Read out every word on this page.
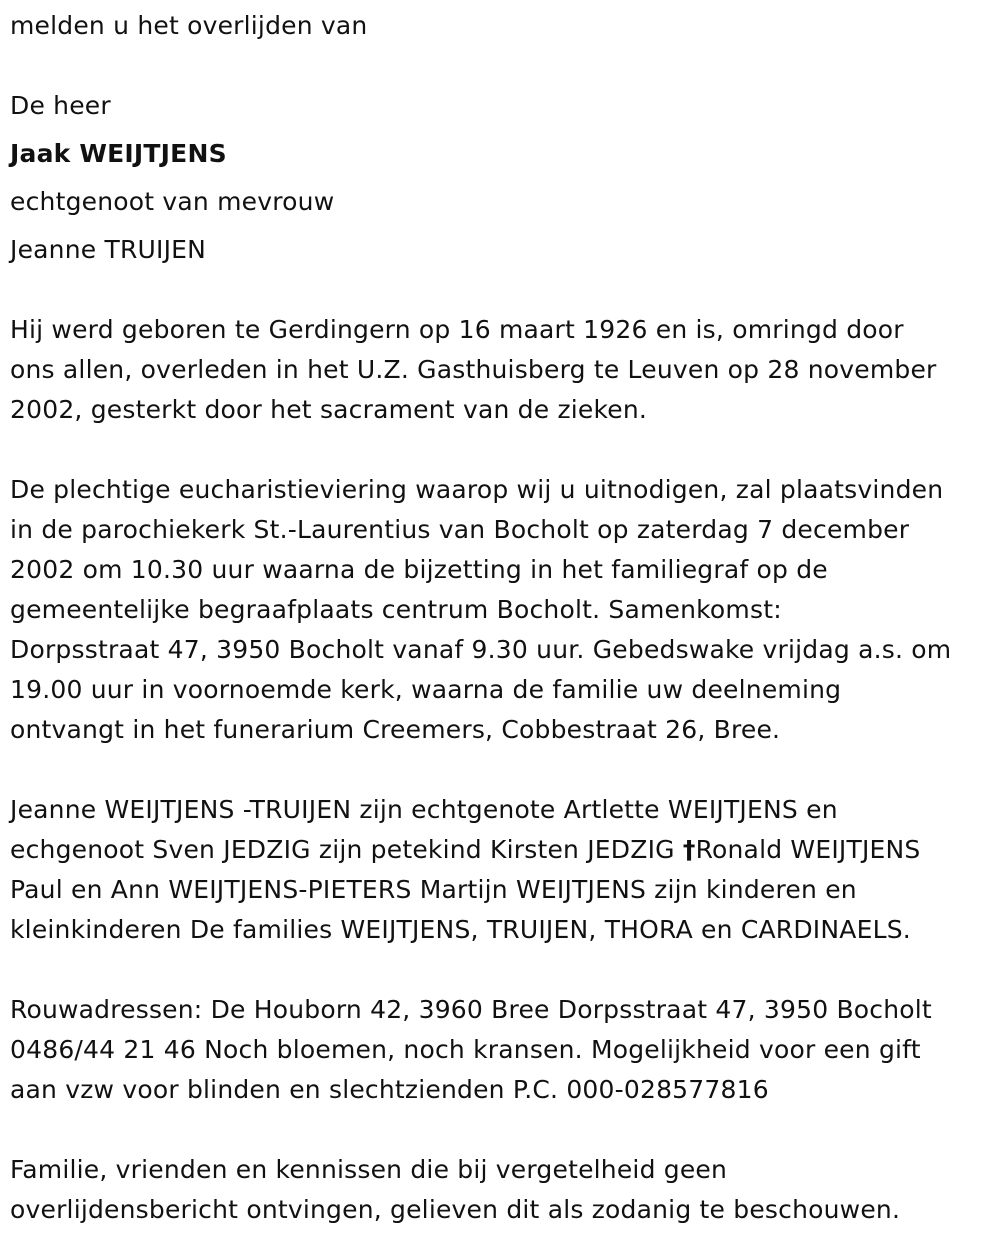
melden u het overlijden van

De heer

Jaak WEIJTJENS

echtgenoot van mevrouw

Jeanne TRUIJEN

Hij werd geboren te Gerdingern op 16 maart 1926 en is, omringd door

ons allen, overleden in het U.Z. Gasthuisberg te Leuven op 28 november

2002, gesterkt door het sacrament van de zieken.

De plechtige eucharistieviering waarop wij u uitnodigen, zal plaatsvinden

in de parochiekerk St.-Laurentius van Bocholt op zaterdag 7 december

2002 om 10.30 uur waarna de bijzetting in het familiegraf op de

gemeentelijke begraafplaats centrum Bocholt. Samenkomst:

Dorpsstraat 47, 3950 Bocholt vanaf 9.30 uur. Gebedswake vrijdag a.s. om

19.00 uur in voornoemde kerk, waarna de familie uw deelneming

ontvangt in het funerarium Creemers, Cobbestraat 26, Bree.

Jeanne WEIJTJENS -TRUIJEN zijn echtgenote Artlette WEIJTJENS en

echgenoot Sven JEDZIG zijn petekind Kirsten JEDZIG †Ronald WEIJTJENS

Paul en Ann WEIJTJENS-PIETERS Martijn WEIJTJENS zijn kinderen en

kleinkinderen De families WEIJTJENS, TRUIJEN, THORA en CARDINAELS.

Rouwadressen: De Houborn 42, 3960 Bree Dorpsstraat 47, 3950 Bocholt

0486/44 21 46 Noch bloemen, noch kransen. Mogelijkheid voor een gift

aan vzw voor blinden en slechtzienden P.C. 000-028577816

Familie, vrienden en kennissen die bij vergetelheid geen

overlijdensbericht ontvingen, gelieven dit als zodanig te beschouwen.
